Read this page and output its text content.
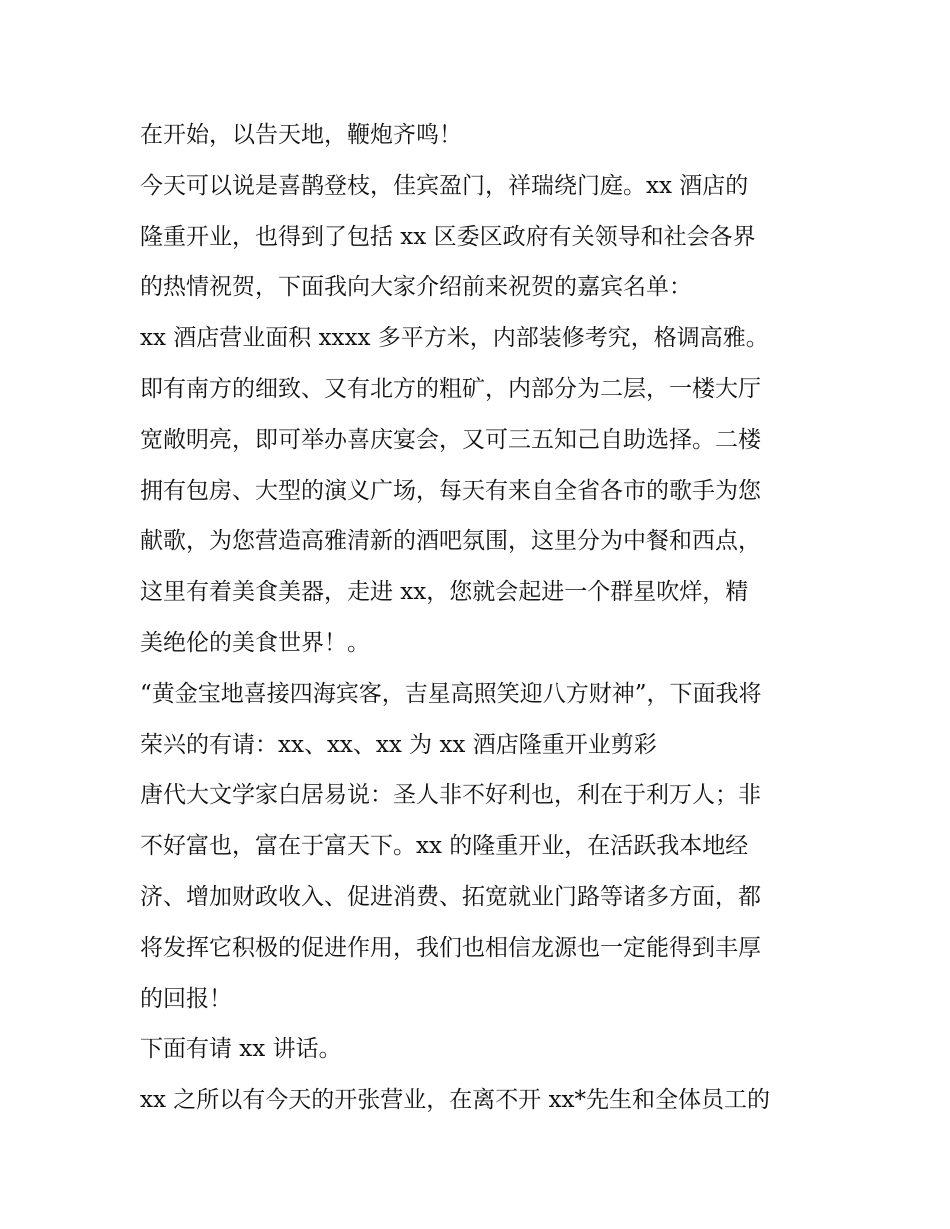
在开始，以告天地，鞭炮齐鸣！
今天可以说是喜鹊登枝，佳宾盈门，祥瑞绕门庭。xx 酒店的
隆重开业，也得到了包括 xx 区委区政府有关领导和社会各界
的热情祝贺，下面我向大家介绍前来祝贺的嘉宾名单：
xx 酒店营业面积 xxxx 多平方米，内部装修考究，格调高雅。
即有南方的细致、又有北方的粗矿，内部分为二层，一楼大厅
宽敞明亮，即可举办喜庆宴会，又可三五知己自助选择。二楼
拥有包房、大型的演义广场，每天有来自全省各市的歌手为您
献歌，为您营造高雅清新的酒吧氛围，这里分为中餐和西点，
这里有着美食美器，走进 xx，您就会起进一个群星吹烊，精
美绝伦的美食世界！。
“黄金宝地喜接四海宾客，吉星高照笑迎八方财神”，下面我将
荣兴的有请：xx、xx、xx 为 xx 酒店隆重开业剪彩
唐代大文学家白居易说：圣人非不好利也，利在于利万人；非
不好富也，富在于富天下。xx 的隆重开业，在活跃我本地经
济、增加财政收入、促进消费、拓宽就业门路等诸多方面，都
将发挥它积极的促进作用，我们也相信龙源也一定能得到丰厚
的回报！
下面有请 xx 讲话。
xx 之所以有今天的开张营业，在离不开 xx*先生和全体员工的
